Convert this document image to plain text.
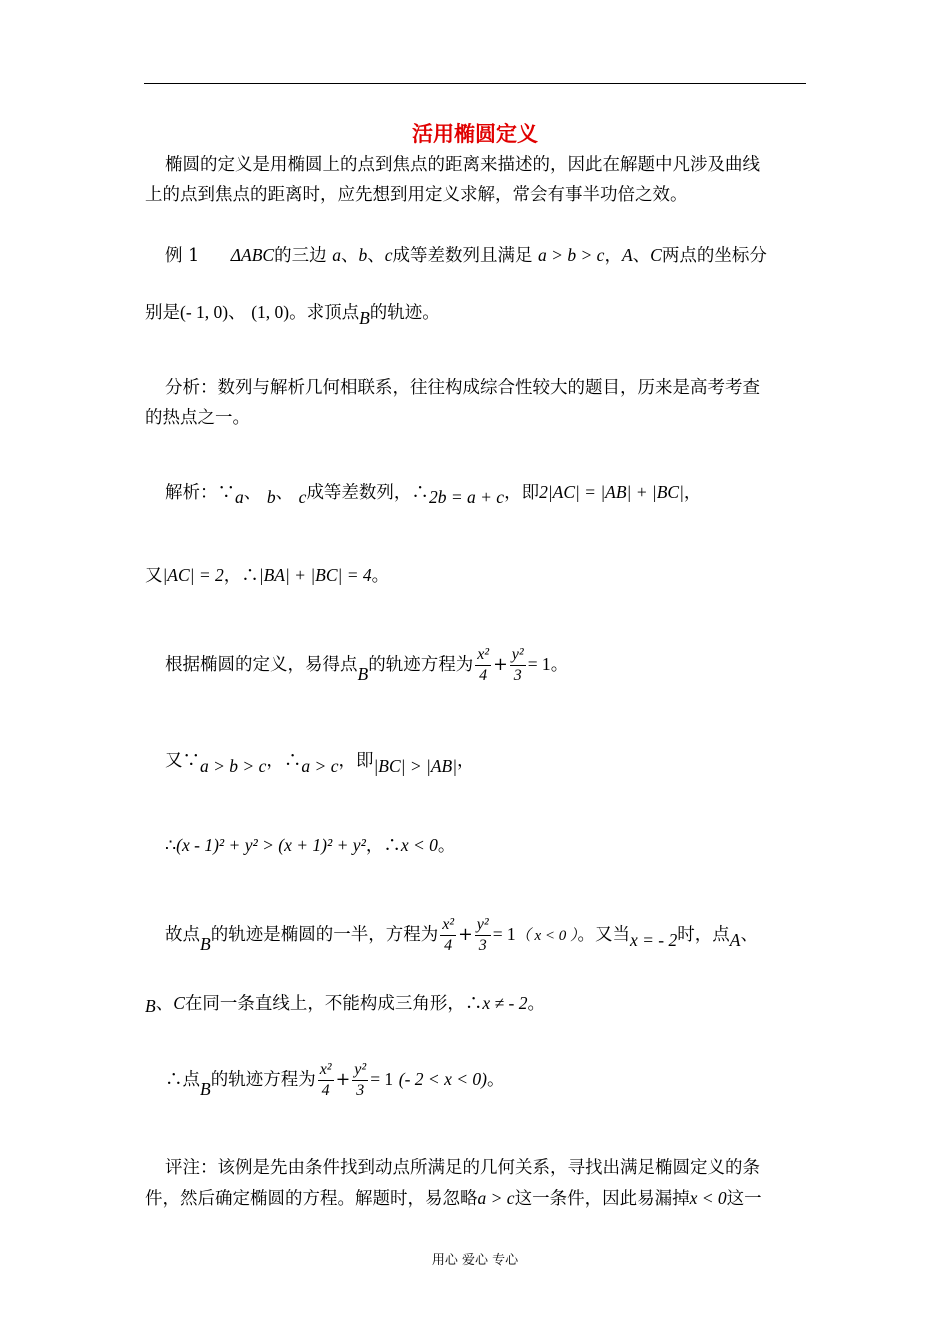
活用椭圆定义
椭圆的定义是用椭圆上的点到焦点的距离来描述的，因此在解题中凡涉及曲线
上的点到焦点的距离时，应先想到用定义求解，常会有事半功倍之效。
例 1 ΔABC的三边 a、b、c成等差数列且满足 a > b > c，A、C两点的坐标分
别是(- 1, 0)、 (1, 0)。求顶点B的轨迹。
分析：数列与解析几何相联系，往往构成综合性较大的题目，历来是高考考查
的热点之一。
解析：∵a、 b、 c成等差数列，∴2b = a + c，即2|AC| = |AB| + |BC|，
又|AC| = 2，∴|BA| + |BC| = 4。
根据椭圆的定义，易得点B的轨迹方程为 $\frac{\text{x²}}{4} + \frac{\text{y²}}{3} = 1$。
又∵a > b > c，∴a > c，即|BC| > |AB|，
∴(x - 1)² + y² > (x + 1)² + y²，∴x < 0。
故点B的轨迹是椭圆的一半，方程为 $\frac{\text{x²}}{4} + \frac{\text{y²}}{3} = 1$（ x < 0 ）。又当x = - 2时，点A、
B、C在同一条直线上，不能构成三角形，∴x ≠ - 2。
∴点B的轨迹方程为 $\frac{\text{x²}}{4} + \frac{\text{y²}}{3} = 1$ (- 2 < x < 0)。
评注：该例是先由条件找到动点所满足的几何关系，寻找出满足椭圆定义的条
件，然后确定椭圆的方程。解题时，易忽略a > c这一条件，因此易漏掉x < 0这一
用心 爱心 专心
